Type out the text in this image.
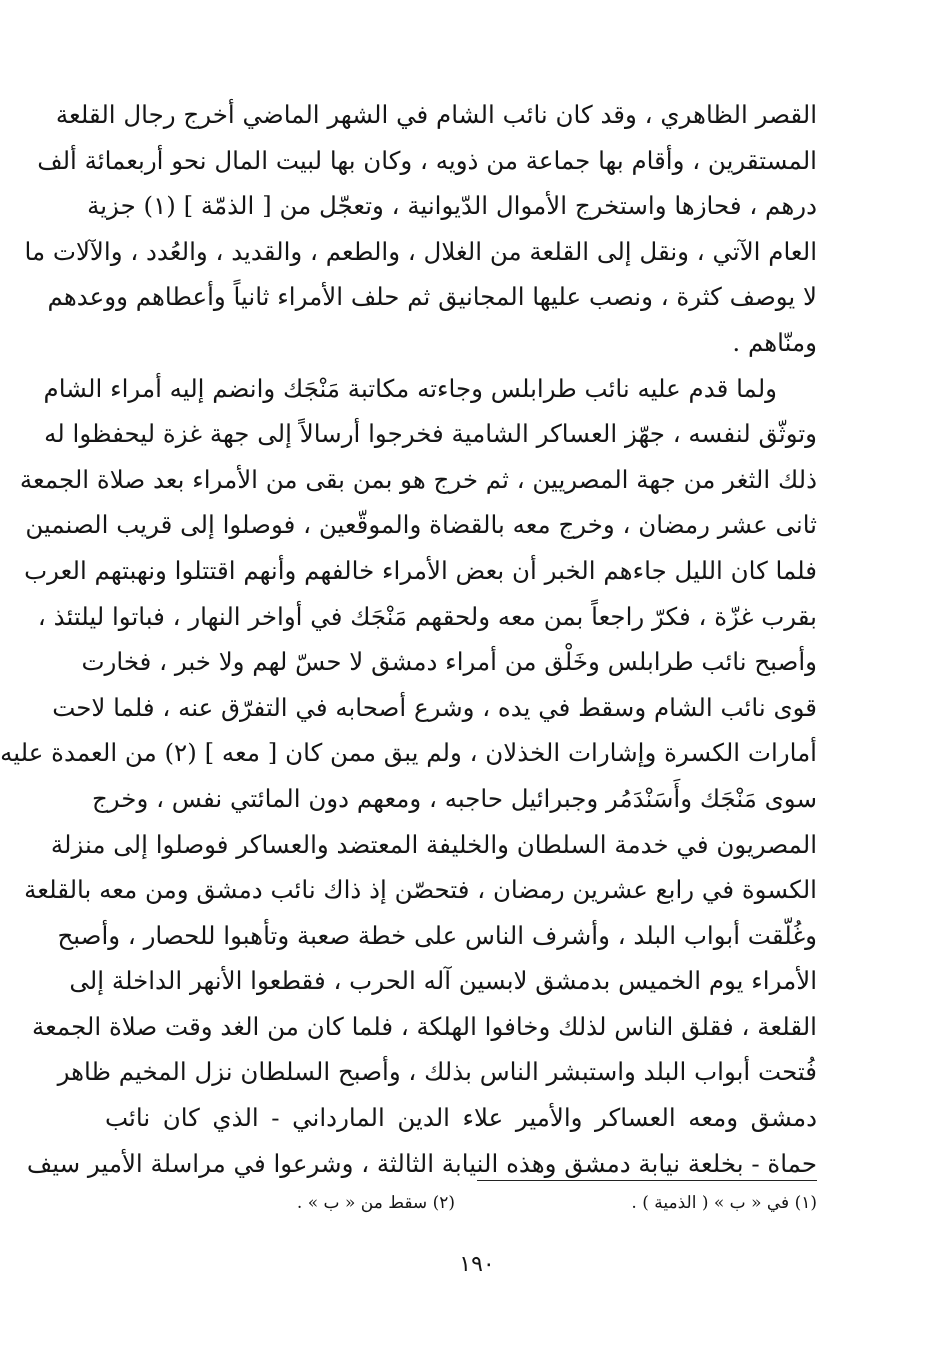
القصر الظاهري ، وقد كان نائب الشام في الشهر الماضي أخرج رجال القلعة
المستقرين ، وأقام بها جماعة من ذويه ، وكان بها لبيت المال نحو أربعمائة ألف
درهم ، فحازها واستخرج الأموال الدّيوانية ، وتعجّل من [ الذمّة ] (١) جزية
العام الآتي ، ونقل إلى القلعة من الغلال ، والطعم ، والقديد ، والعُدد ، والآلات ما
لا يوصف كثرة ، ونصب عليها المجانيق ثم حلف الأمراء ثانياً وأعطاهم ووعدهم
ومنّاهم .
ولما قدم عليه نائب طرابلس وجاءته مكاتبة مَنْجَك وانضم إليه أمراء الشام
وتوثّق لنفسه ، جهّز العساكر الشامية فخرجوا أرسالاً إلى جهة غزة ليحفظوا له
ذلك الثغر من جهة المصريين ، ثم خرج هو بمن بقى من الأمراء بعد صلاة الجمعة
ثانى عشر رمضان ، وخرج معه بالقضاة والموقّعين ، فوصلوا إلى قريب الصنمين
فلما كان الليل جاءهم الخبر أن بعض الأمراء خالفهم وأنهم اقتتلوا ونهبتهم العرب
بقرب غزّة ، فكرّ راجعاً بمن معه ولحقهم مَنْجَك في أواخر النهار ، فباتوا ليلتئذ ،
وأصبح نائب طرابلس وخَلْق من أمراء دمشق لا حسّ لهم ولا خبر ، فخارت
قوى نائب الشام وسقط في يده ، وشرع أصحابه في التفرّق عنه ، فلما لاحت
أمارات الكسرة وإشارات الخذلان ، ولم يبق ممن كان [ معه ] (٢) من العمدة عليه
سوى مَنْجَك وأَسَنْدَمُر وجبرائيل حاجبه ، ومعهم دون المائتي نفس ، وخرج
المصريون في خدمة السلطان والخليفة المعتضد والعساكر فوصلوا إلى منزلة
الكسوة في رابع عشرين رمضان ، فتحصّن إذ ذاك نائب دمشق ومن معه بالقلعة
وغُلّقت أبواب البلد ، وأشرف الناس على خطة صعبة وتأهبوا للحصار ، وأصبح
الأمراء يوم الخميس بدمشق لابسين آله الحرب ، فقطعوا الأنهر الداخلة إلى
القلعة ، فقلق الناس لذلك وخافوا الهلكة ، فلما كان من الغد وقت صلاة الجمعة
فُتحت أبواب البلد واستبشر الناس بذلك ، وأصبح السلطان نزل المخيم ظاهر
دمشق ومعه العساكر والأمير علاء الدين المارداني - الذي كان نائب
حماة - بخلعة نيابة دمشق وهذه النيابة الثالثة ، وشرعوا في مراسلة الأمير سيف
(١) في « ب » ( الذمية ) .
(٢) سقط من « ب » .
١٩٠
